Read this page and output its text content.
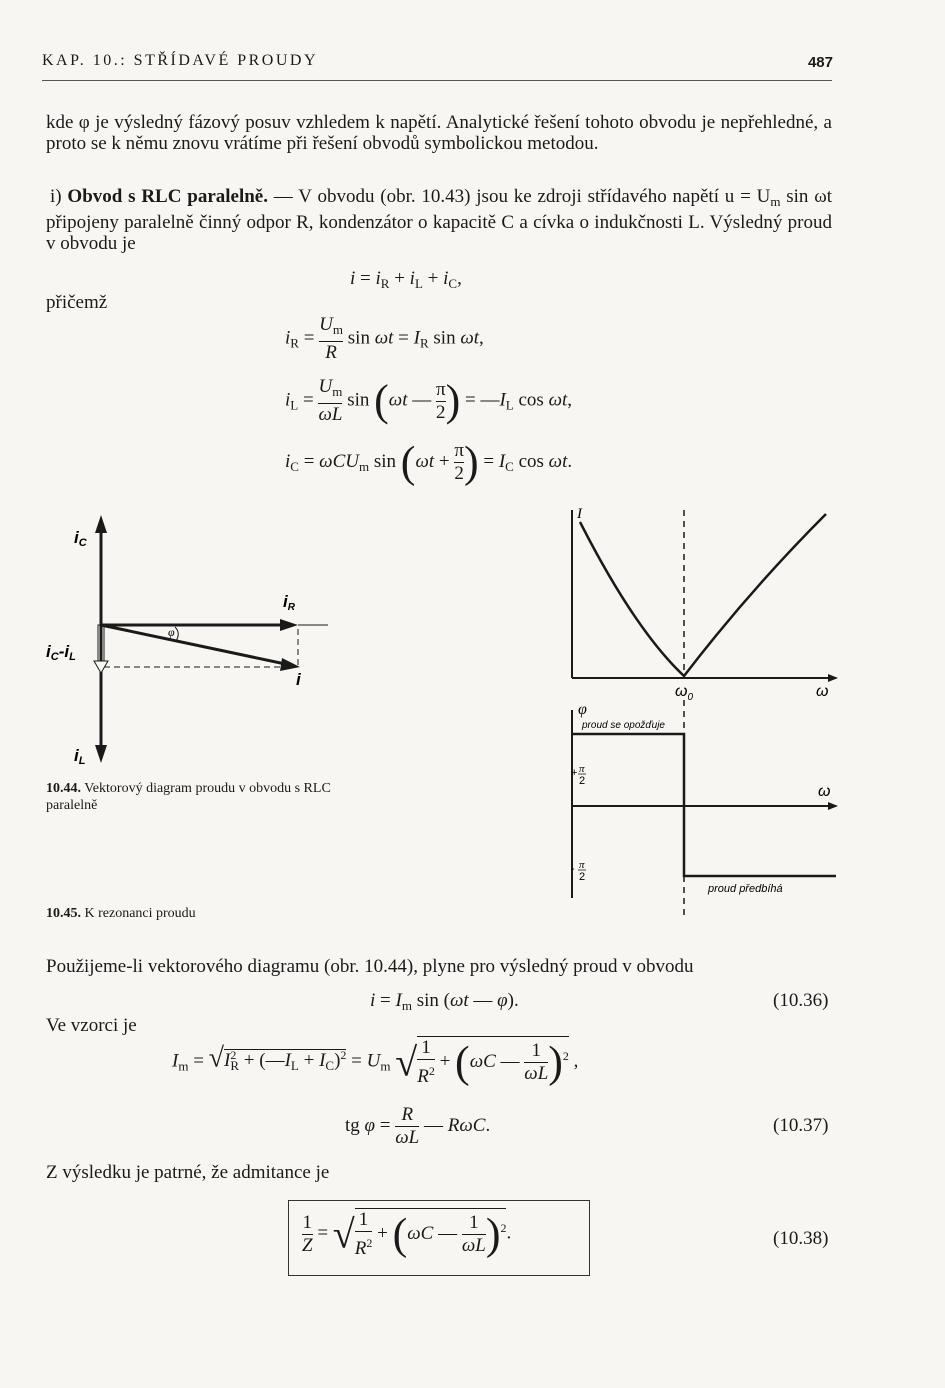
KAP. 10.: STŘÍDAVÉ PROUDY	487
kde φ je výsledný fázový posuv vzhledem k napětí. Analytické řešení tohoto obvodu je nepřehledné, a proto se k němu znovu vrátíme při řešení obvodů symbolickou metodou.
i) Obvod s RLC paralelně. — V obvodu (obr. 10.43) jsou ke zdroji střídavého napětí $u = U_m$ sin ωt připojeny paralelně činný odpor R, kondenzátor o kapacitě C a cívka o indukčnosti L. Výsledný proud v obvodu je
$i = i_R + i_L + i_C$,
přičemž
$i_R = \frac{U_m}{R}$ $\sin \omega t = I_R$ sin ωt,
$i_L = \frac{U_m}{\omega L}$ sin (ωt — $\frac{\pi}{2}$ ) = $—I_L$ cos ωt,
$i_C = \omega CU_m$ $\sin (\omega t + \frac{\pi}{2}$ ) = $I_C$ cos ωt.
φ
iC
iR
i
iC-iL
iL
10.44. Vektorový diagram proudu v obvodu s RLC paralelně
I
ω
$\omega_0$
φ
proud se opožďuje
proud předbíhá
ω
+ π
2
- π
2
10.45. K rezonanci proudu
Použijeme-li vektorového diagramu (obr. 10.44), plyne pro výsledný proud v obvodu
$i = I_m$ sin (ωt — φ).	(10.36)
Ve vzorci je
$I_m = √I^2_R$ + $(—I_L + I_C)^2 = U_m$ √ $\frac{1}{R^2} + (\omega C$ — $\frac{1}{\omega L} )^2$ ,
tg $\varphi = \frac{R}{\omega L}$ — RωC.	(10.37)
Z výsledku je patrné, že admitance je
$\frac{1}{Z}$ = √ $\frac{1}{R^2} + (\omega C$ — $\frac{1}{\omega L} )^2$.	(10.38)
